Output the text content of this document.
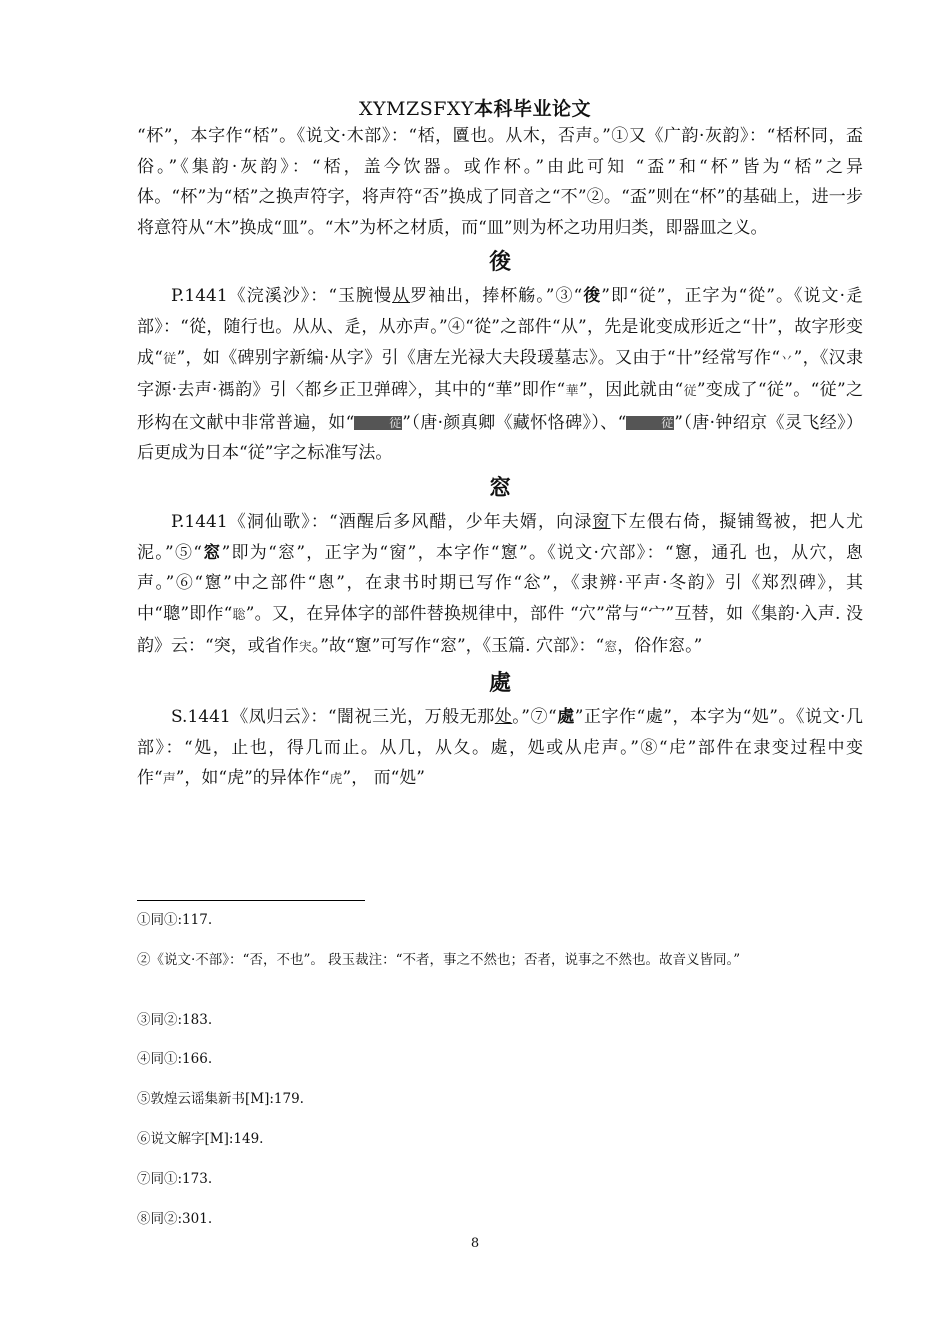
XYMZSFXY本科毕业论文

“杯”，本字作“桮”。《说文·木部》：“桮，匵也。从木，否声。”①又《广韵·灰韵》：“桮杯同，盃俗。”《集韵·灰韵》：“桮，盖今饮器。或作杯。”由此可知 “盃”和“杯”皆为“桮”之异体。“杯”为“桮”之换声符字，将声符“否”换成了同音之“不”②。“盃”则在“杯”的基础上，进一步将意符从“木”换成“皿”。“木”为杯之材质，而“皿”则为杯之功用归类，即器皿之义。

𢓭

P.1441《浣溪沙》：“玉腕慢从罗袖出，捧杯觞。”③“𢓭”即“従”，正字为“從”。《说文·辵部》：“從，随行也。从从、辵，从亦声。”④“從”之部件“从”，先是讹变成形近之“卄”，故字形变成“従”，如《碑别字新编·从字》引《唐左光禄大夫段瑗墓志》。又由于“卄”经常写作“丷”，《汉隶字源·去声·禡韵》引〈都乡正卫弹碑〉，其中的“華”即作“華”，因此就由“従”变成了“従”。“従”之形构在文献中非常普遍，如“	従”（唐·颜真卿《藏怀恪碑》）、“	従”（唐·钟绍京《灵飞经》）后更成为日本“従”字之标准写法。

窓

P.1441《洞仙歌》：“酒醒后多风醋，少年夫婿，向渌窗下左偎右倚，擬铺鸳被，把人尤泥。”⑤“窓”即为“窓”，正字为“窗”，本字作“窻”。《说文·穴部》：“窻，通孔 也，从穴，悤声。”⑥“窻”中之部件“悤”，在隶书时期已写作“忩”，《隶辨·平声·冬韵》引《郑烈碑》，其中“聰”即作“聡”。又，在异体字的部件替换规律中，部件 “穴”常与“宀”互替，如《集韵·入声. 没韵》云：“突，或省作宊。”故“窻”可写作“窓”，《玉篇. 穴部》：“窓，俗作窓。”

處

S.1441《凤归云》：“闇祝三光，万般无那处。”⑦“處”正字作“處”，本字为“処”。《说文·几部》：“処，止也，得几而止。从几，从夂。處，処或从虍声。”⑧“虍”部件在隶变过程中变作“声”，如“虎”的异体作“虎”， 而“処”

①同①:117.

②《说文·不部》：“否，不也”。 段玉裁注：“不者，事之不然也；否者，说事之不然也。故音义皆同。”

③同②:183.

④同①:166.

⑤敦煌云谣集新书[M]:179.

⑥说文解字[M]:149.

⑦同①:173.

⑧同②:301.

8
